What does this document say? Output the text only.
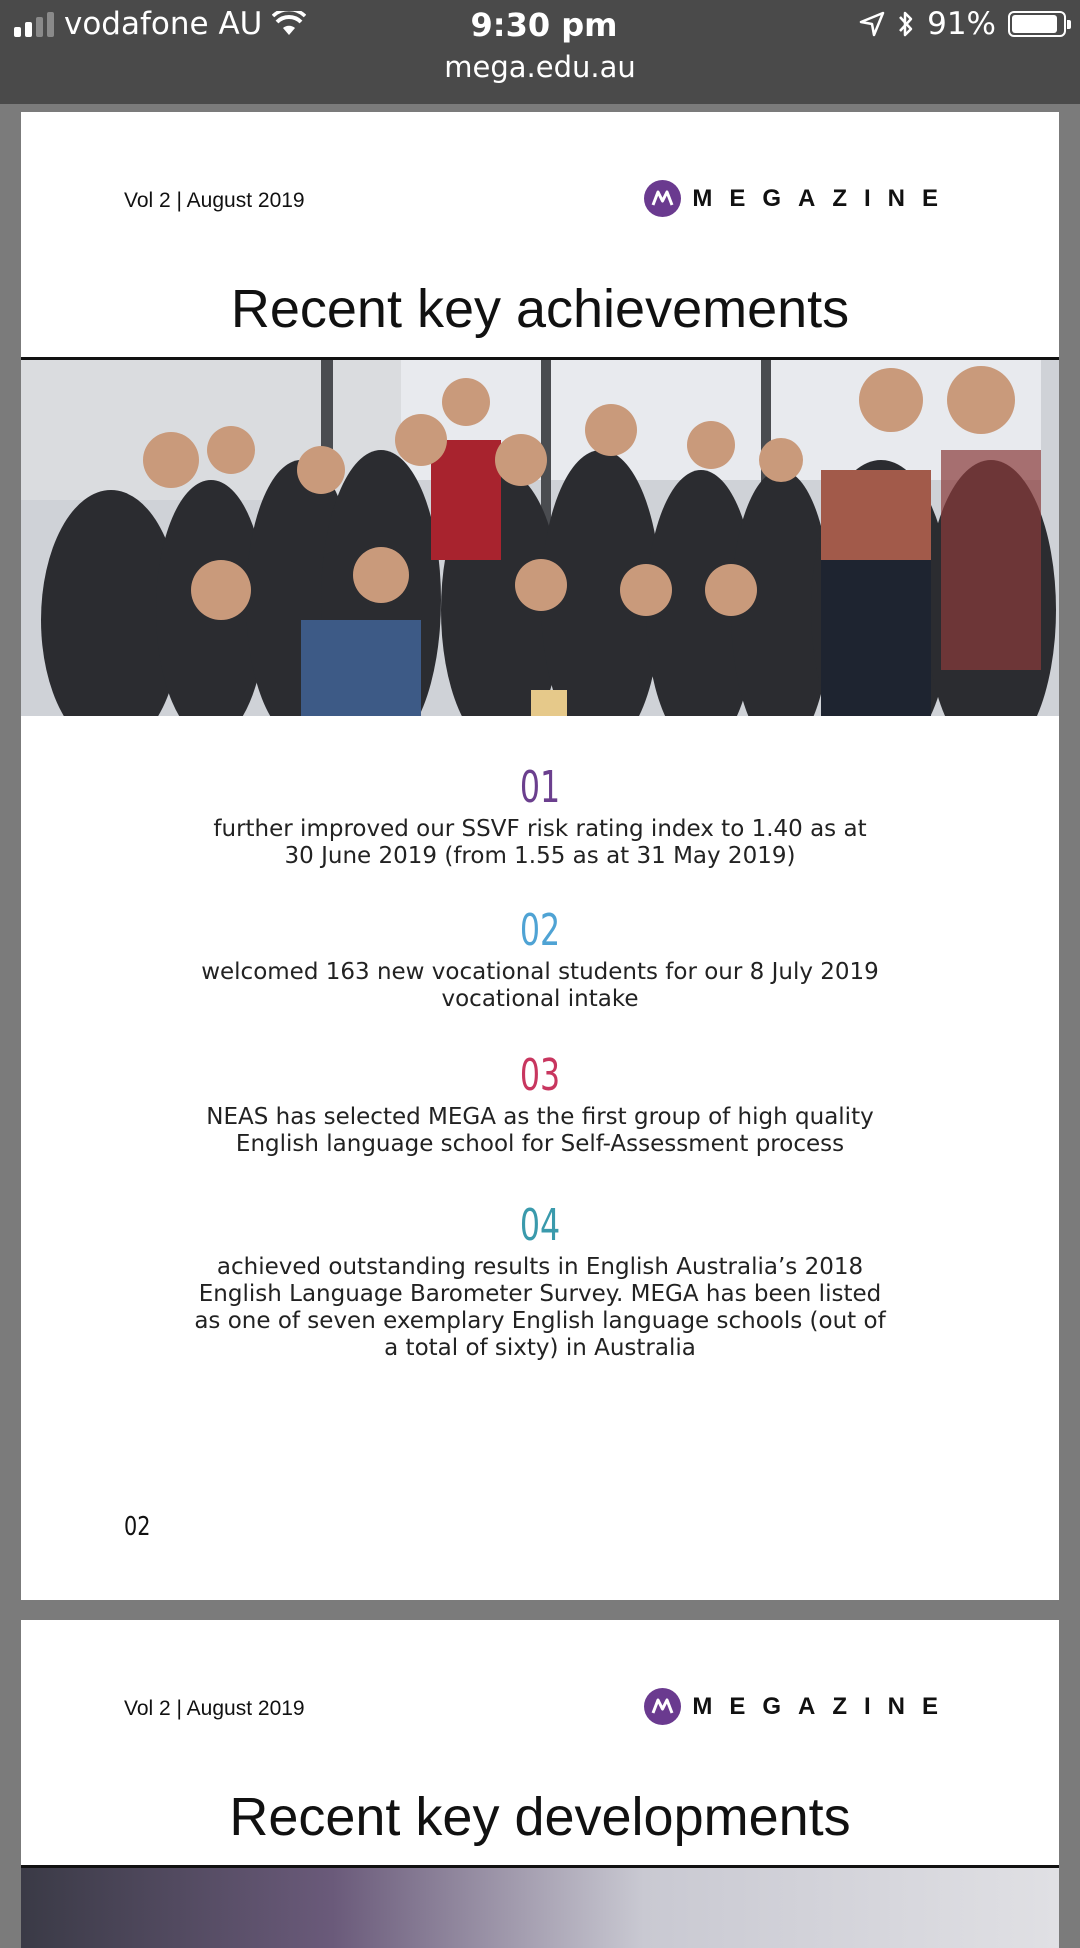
vodafone AU	9:30 pm
mega.edu.au
91%
Vol 2 | August 2019	MEGAZINE
Recent key achievements
01
further improved our SSVF risk rating index to 1.40 as at
30 June 2019 (from 1.55 as at 31 May 2019)
02
welcomed 163 new vocational students for our 8 July 2019
vocational intake
03
NEAS has selected MEGA as the first group of high quality
English language school for Self-Assessment process
04
achieved outstanding results in English Australia’s 2018
English Language Barometer Survey. MEGA has been listed
as one of seven exemplary English language schools (out of
a total of sixty) in Australia
02
Vol 2 | August 2019	MEGAZINE
Recent key developments
